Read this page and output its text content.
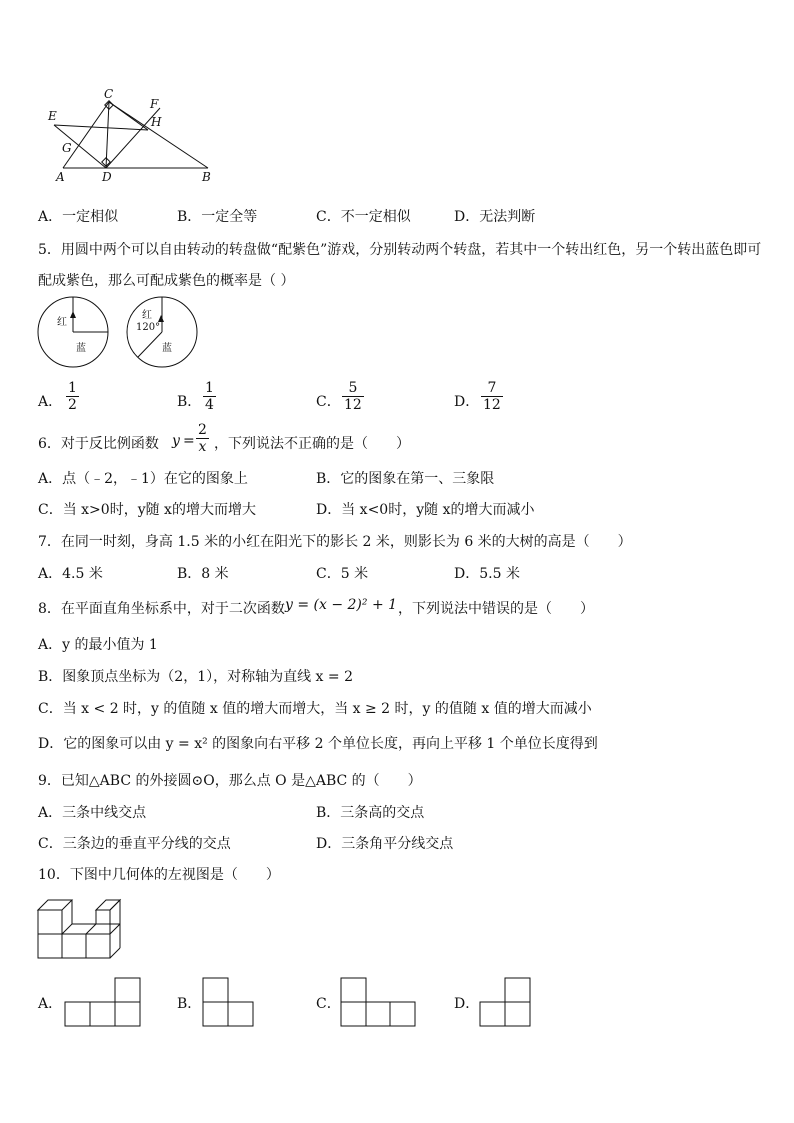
C
F
E	H
G
A	D	B
A．一定相似	B．一定全等	C．不一定相似	D．无法判断
5．用圆中两个可以自由转动的转盘做“配紫色”游戏，分别转动两个转盘，若其中一个转出红色，另一个转出蓝色即可
配成紫色，那么可配成紫色的概率是（ ）
红
蓝
红
120°
蓝
A．
1
2	B．
1
4	C．
5
12	D．
7
12
6．对于反比例函数 y =
2
x ，下列说法不正确的是（　　）
A．点（﹣2，﹣1）在它的图象上	B．它的图象在第一、三象限
C．当 x>0时，y随 x的增大而增大	D．当 x<0时，y随 x的增大而减小
7．在同一时刻，身高 1.5 米的小红在阳光下的影长 2 米，则影长为 6 米的大树的高是（　　）
A．4.5 米	B．8 米	C．5 米	D．5.5 米
8．在平面直角坐标系中，对于二次函数 y = (x − 2)² + 1 ，下列说法中错误的是（　　）
A．y 的最小值为 1
B．图象顶点坐标为（2，1），对称轴为直线 x = 2
C．当 x < 2 时，y 的值随 x 值的增大而增大，当 x ≥ 2 时，y 的值随 x 值的增大而减小
D．它的图象可以由 y = x² 的图象向右平移 2 个单位长度，再向上平移 1 个单位长度得到
9．已知△ABC 的外接圆⊙O，那么点 O 是△ABC 的（　　）
A．三条中线交点	B．三条高的交点
C．三条边的垂直平分线的交点	D．三条角平分线交点
10．下图中几何体的左视图是（　　）
A．	B．	C．	D．
